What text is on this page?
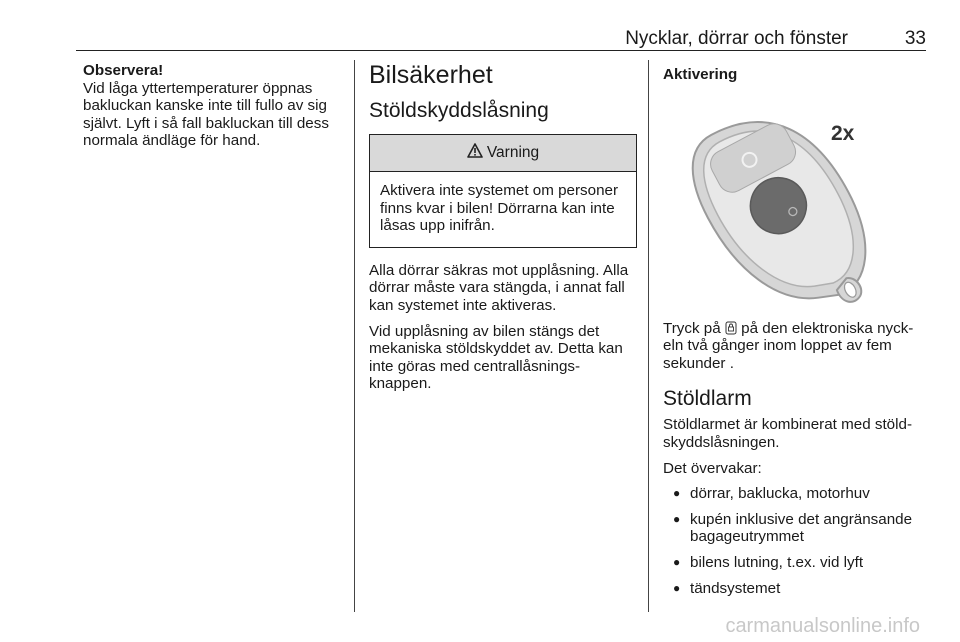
Nycklar, dörrar och fönster	33
Observera!

Vid låga yttertemperaturer öppnas bakluckan kanske inte till fullo av sig självt. Lyft i så fall bakluckan till dess normala ändläge för hand.

Bilsäkerhet
Stöldskyddslåsning
Varning
Aktivera inte systemet om personer finns kvar i bilen! Dörrarna kan inte låsas upp inifrån.

Alla dörrar säkras mot upplåsning. Alla dörrar måste vara stängda, i annat fall kan systemet inte aktiveras.

Vid upplåsning av bilen stängs det mekaniska stöldskyddet av. Detta kan inte göras med centrallåsnings-knappen.

Aktivering
2x

Tryck på på den elektroniska nyck-eln två gånger inom loppet av fem sekunder .

Stöldlarm

Stöldlarmet är kombinerat med stöld-skyddslåsningen.

Det övervakar:

● dörrar, baklucka, motorhuv
● kupén inklusive det angränsande bagageutrymmet
● bilens lutning, t.ex. vid lyft
● tändsystemet
carmanualsonline.info
